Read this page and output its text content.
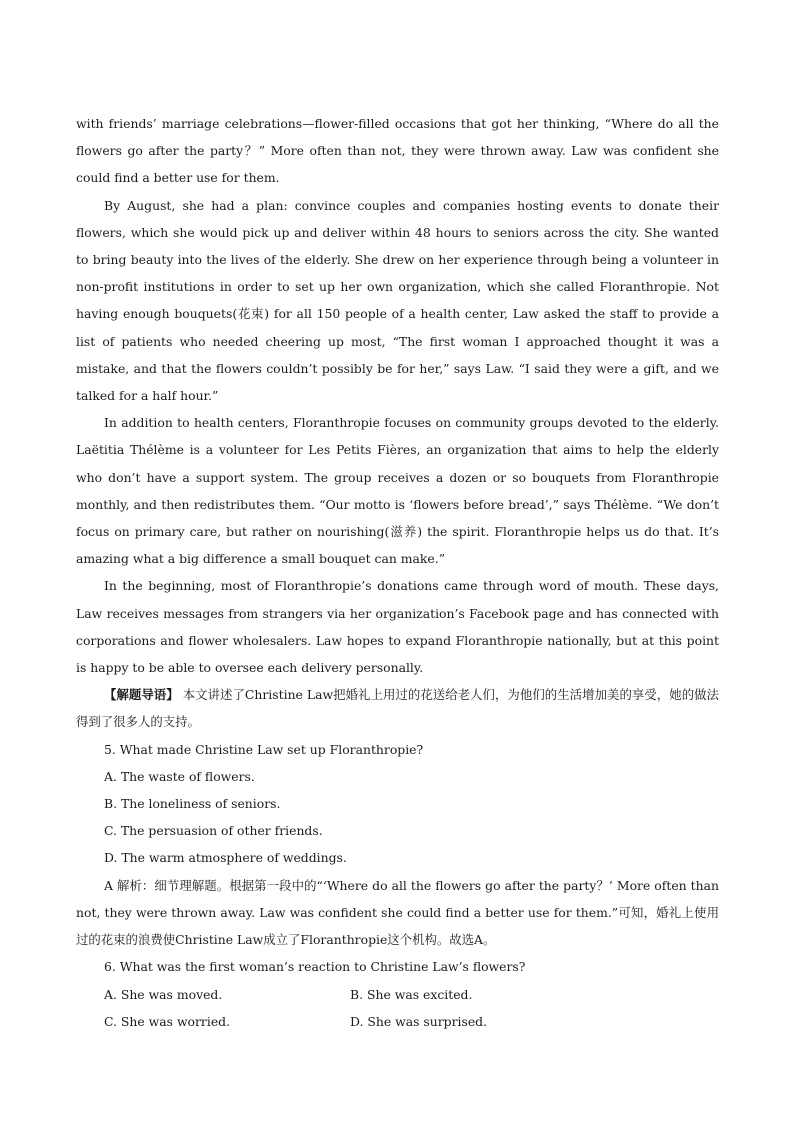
with friends’ marriage celebrations—flower-filled occasions that got her thinking, “Where do all the flowers go after the party？” More often than not, they were thrown away. Law was confident she could find a better use for them.

By August, she had a plan: convince couples and companies hosting events to donate their flowers, which she would pick up and deliver within 48 hours to seniors across the city. She wanted to bring beauty into the lives of the elderly. She drew on her experience through being a volunteer in non-profit institutions in order to set up her own organization, which she called Floranthropie. Not having enough bouquets(花束) for all 150 people of a health center, Law asked the staff to provide a list of patients who needed cheering up most, “The first woman I approached thought it was a mistake, and that the flowers couldn’t possibly be for her,” says Law. “I said they were a gift, and we talked for a half hour.”

In addition to health centers, Floranthropie focuses on community groups devoted to the elderly. Laëtitia Thélème is a volunteer for Les Petits Fières, an organization that aims to help the elderly who don’t have a support system. The group receives a dozen or so bouquets from Floranthropie monthly, and then redistributes them. “Our motto is ‘flowers before bread’,” says Thélème. “We don’t focus on primary care, but rather on nourishing(滋养) the spirit. Floranthropie helps us do that. It’s amazing what a big difference a small bouquet can make.”

In the beginning, most of Floranthropie’s donations came through word of mouth. These days, Law receives messages from strangers via her organization’s Facebook page and has connected with corporations and flower wholesalers. Law hopes to expand Floranthropie nationally, but at this point is happy to be able to oversee each delivery personally.

【解题导语】 本文讲述了Christine Law把婚礼上用过的花送给老人们，为他们的生活增加美的享受，她的做法得到了很多人的支持。

5. What made Christine Law set up Floranthropie?

A. The waste of flowers.

B. The loneliness of seniors.

C. The persuasion of other friends.

D. The warm atmosphere of weddings.

A 解析：细节理解题。根据第一段中的“‘Where do all the flowers go after the party？’ More often than not, they were thrown away. Law was confident she could find a better use for them.”可知，婚礼上使用过的花束的浪费使Christine Law成立了Floranthropie这个机构。故选A。

6. What was the first woman’s reaction to Christine Law’s flowers?

A. She was moved.	B. She was excited.
C. She was worried.	D. She was surprised.
